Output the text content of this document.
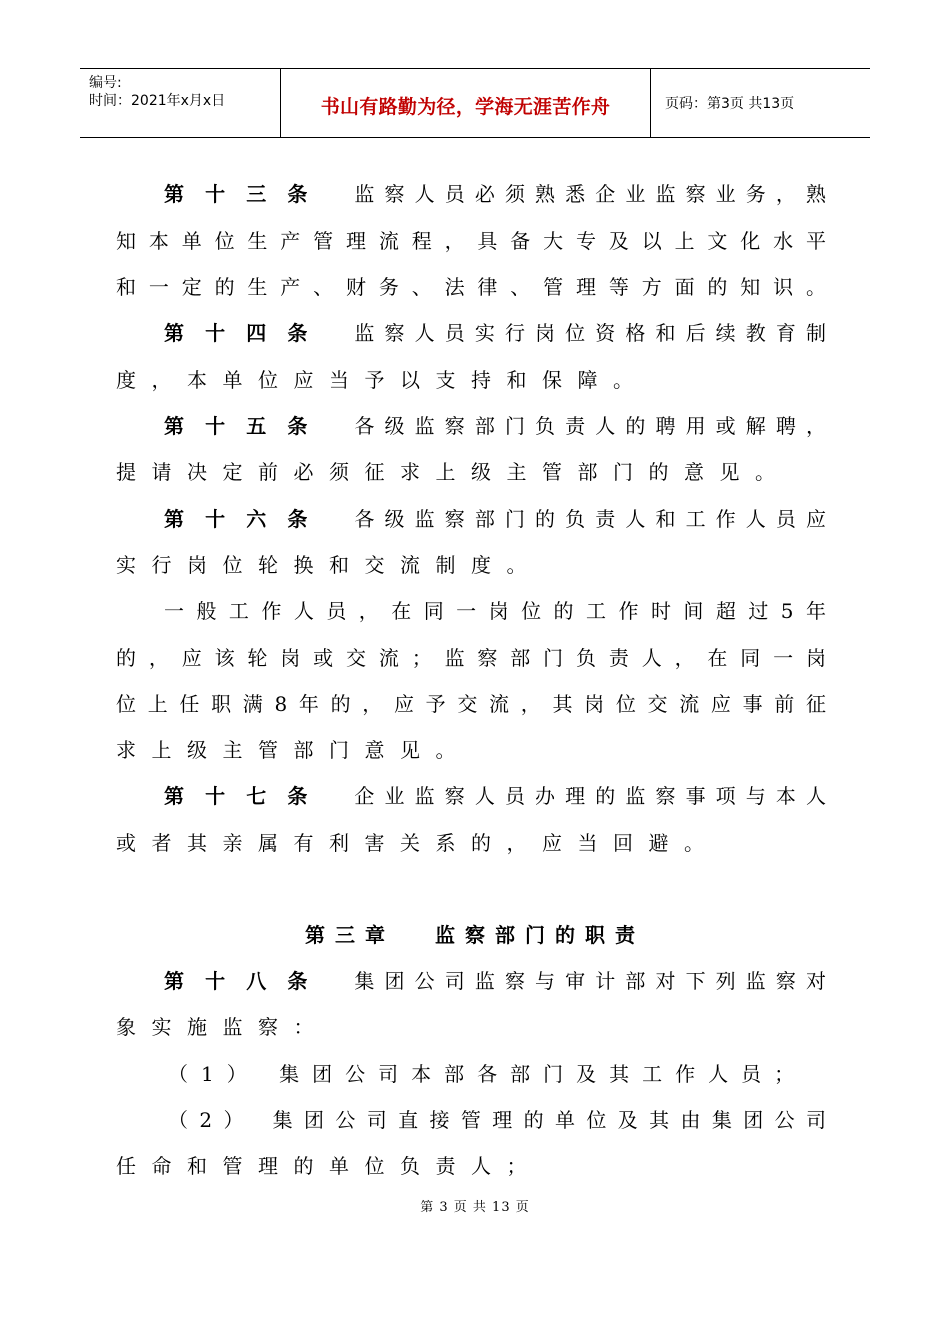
编号:
时间：2021年x月x日	书山有路勤为径，学海无涯苦作舟	页码：第3页 共13页
第十三条 监察人员必须熟悉企业监察业务，熟
知本单位生产管理流程，具备大专及以上文化水平
和一定的生产、财务、法律、管理等方面的知识。
第十四条 监察人员实行岗位资格和后续教育制
度，本单位应当予以支持和保障。
第十五条 各级监察部门负责人的聘用或解聘，
提请决定前必须征求上级主管部门的意见。
第十六条 各级监察部门的负责人和工作人员应
实行岗位轮换和交流制度。
一般工作人员，在同一岗位的工作时间超过5年
的，应该轮岗或交流；监察部门负责人，在同一岗
位上任职满8年的，应予交流，其岗位交流应事前征
求上级主管部门意见。
第十七条 企业监察人员办理的监察事项与本人
或者其亲属有利害关系的，应当回避。
第三章 监察部门的职责
第十八条 集团公司监察与审计部对下列监察对
象实施监察：
（1） 集团公司本部各部门及其工作人员；
（2） 集团公司直接管理的单位及其由集团公司
任命和管理的单位负责人；
第 3 页 共 13 页
